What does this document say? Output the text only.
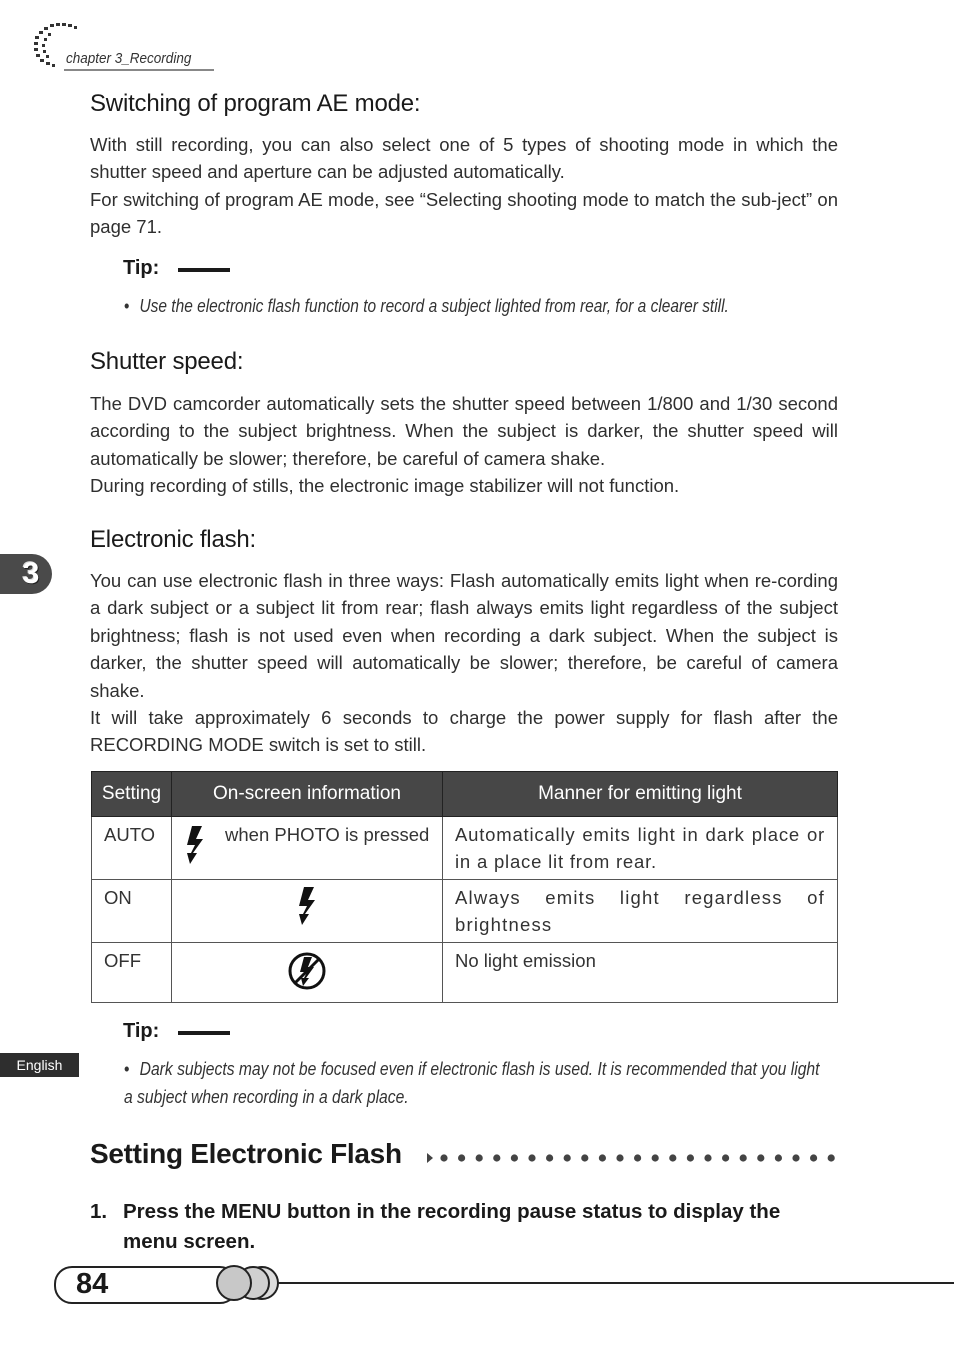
chapter 3_Recording
Switching of program AE mode:

With still recording, you can also select one of 5 types of shooting mode in which the shutter speed and aperture can be adjusted automatically.

For switching of program AE mode, see “Selecting shooting mode to match the sub-ject” on page 71.

Tip:
• Use the electronic flash function to record a subject lighted from rear, for a clearer still.
Shutter speed:

The DVD camcorder automatically sets the shutter speed between 1/800 and 1/30 second according to the subject brightness. When the subject is darker, the shutter speed will automatically be slower; therefore, be careful of camera shake.

During recording of stills, the electronic image stabilizer will not function.

3
Electronic flash:

You can use electronic flash in three ways: Flash automatically emits light when re-cording a dark subject or a subject lit from rear; flash always emits light regardless of the subject brightness; flash is not used even when recording a dark subject. When the subject is darker, the shutter speed will automatically be slower; therefore, be careful of camera shake.

It will take approximately 6 seconds to charge the power supply for flash after the RECORDING MODE switch is set to still.

Setting	On-screen information	Manner for emitting light
AUTO	when PHOTO is pressed	Automatically emits light in dark place or in a place lit from rear.
ON		Always emits light regardless of brightness
OFF		No light emission
Tip:
English	• Dark subjects may not be focused even if electronic flash is used. It is recommended that you light a subject when recording in a dark place.
Setting Electronic Flash
1. Press the MENU button in the recording pause status to display the menu screen.
84
